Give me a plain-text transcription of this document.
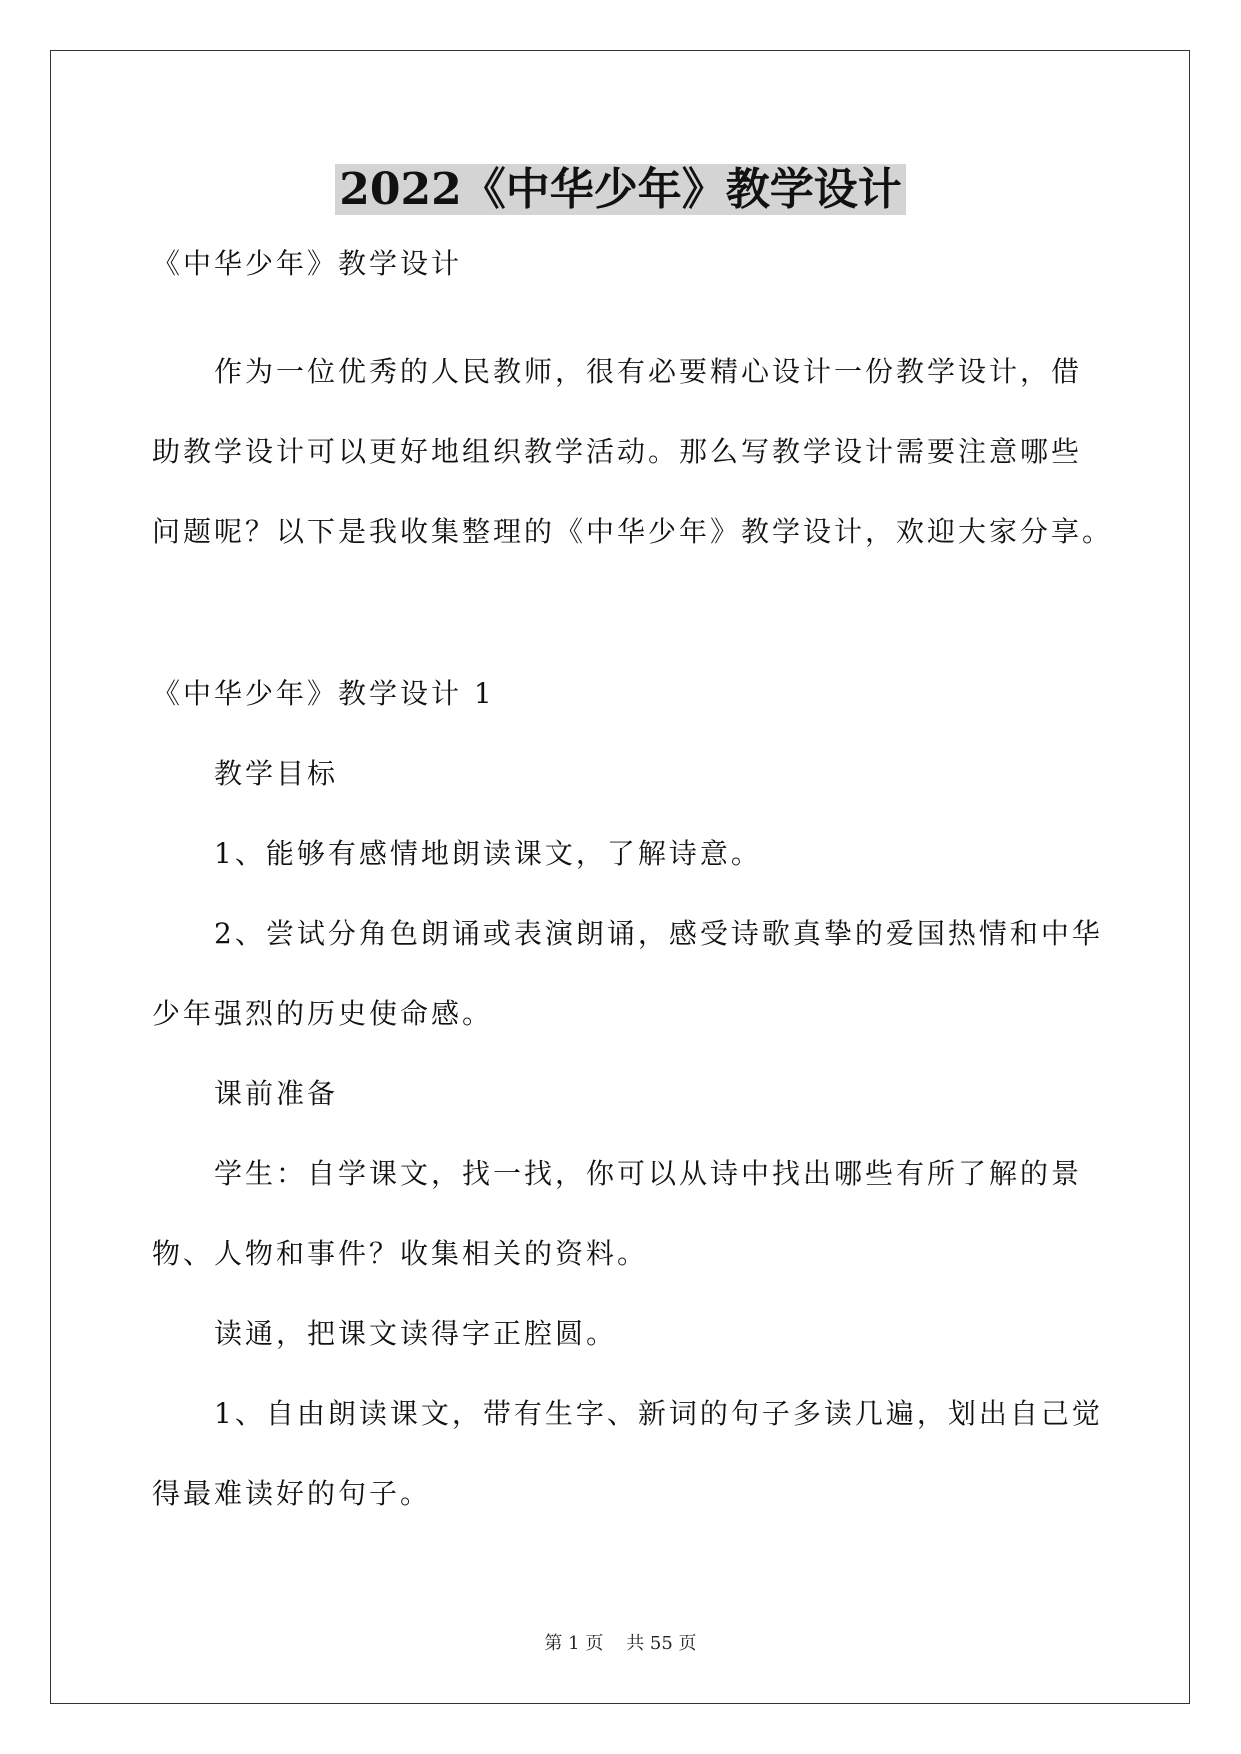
2022《中华少年》教学设计

《中华少年》教学设计

作为一位优秀的人民教师，很有必要精心设计一份教学设计，借

助教学设计可以更好地组织教学活动。那么写教学设计需要注意哪些

问题呢？以下是我收集整理的《中华少年》教学设计，欢迎大家分享。

《中华少年》教学设计 1

教学目标

1、能够有感情地朗读课文，了解诗意。

2、尝试分角色朗诵或表演朗诵，感受诗歌真挚的爱国热情和中华

少年强烈的历史使命感。

课前准备

学生：自学课文，找一找，你可以从诗中找出哪些有所了解的景

物、人物和事件？收集相关的资料。

读通，把课文读得字正腔圆。

1、自由朗读课文，带有生字、新词的句子多读几遍，划出自己觉

得最难读好的句子。

第 1 页    共 55 页
